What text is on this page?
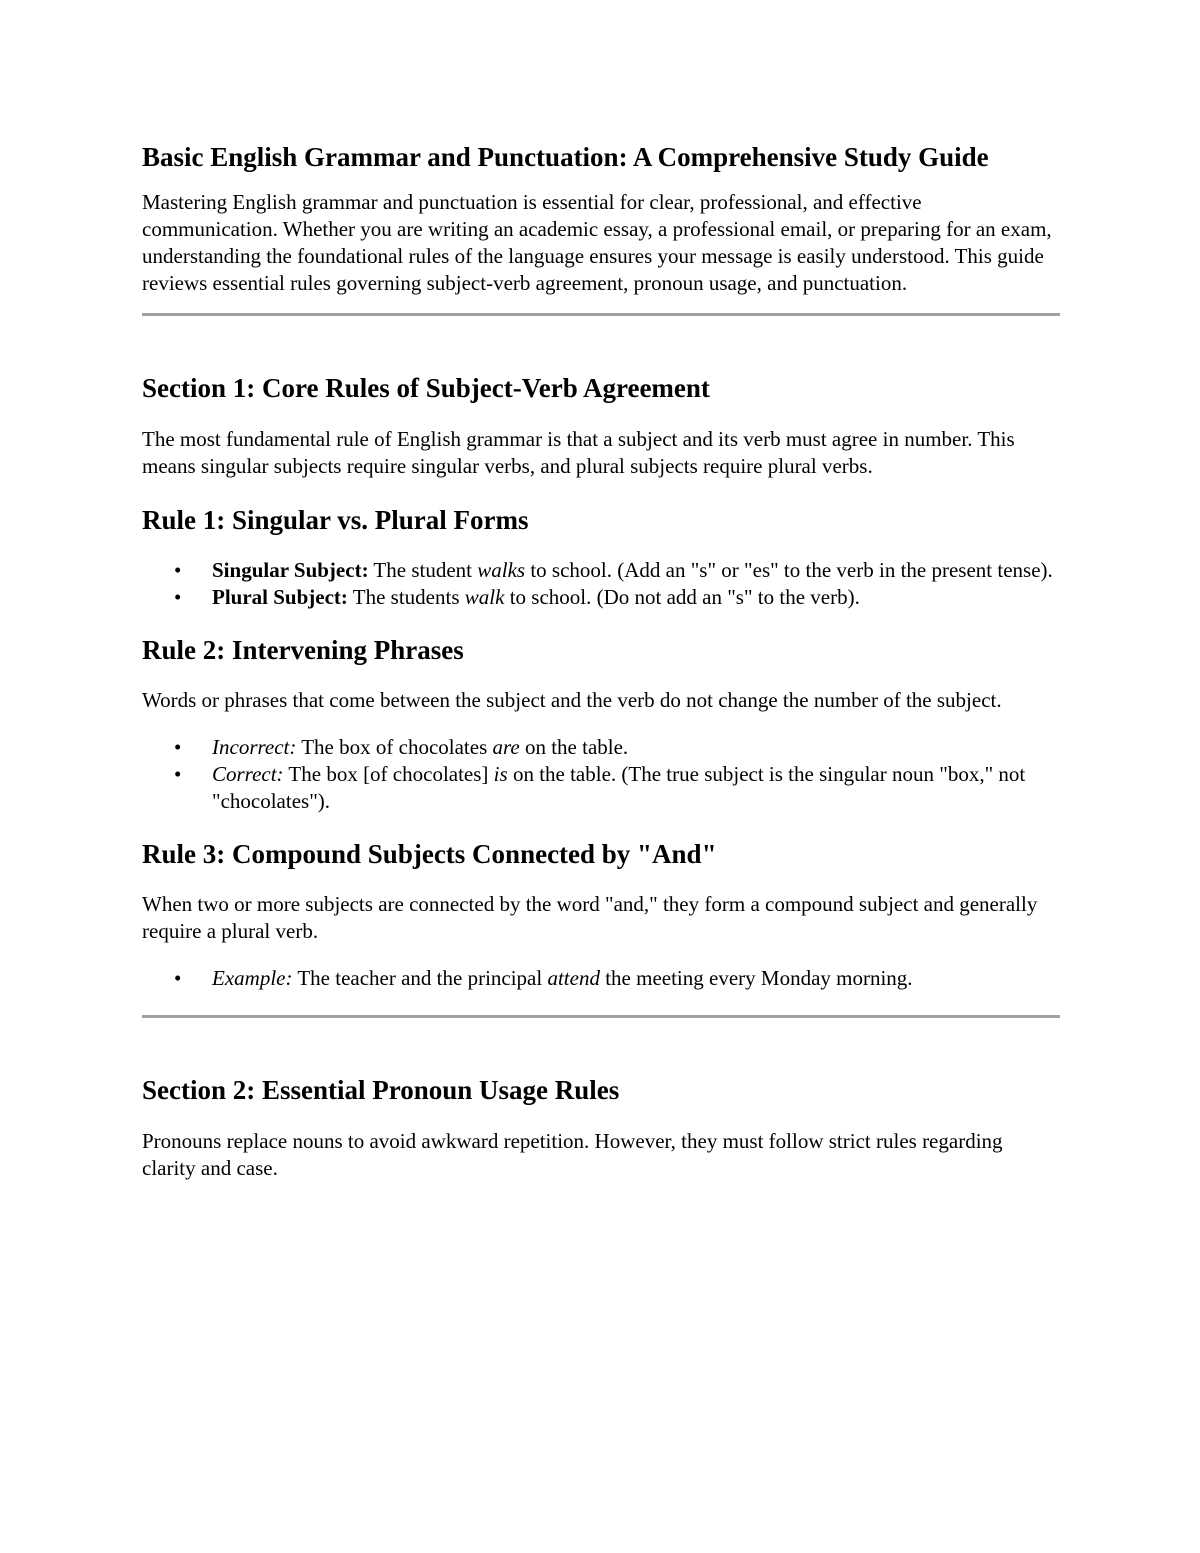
Basic English Grammar and Punctuation: A Comprehensive Study Guide

Mastering English grammar and punctuation is essential for clear, professional, and effective communication. Whether you are writing an academic essay, a professional email, or preparing for an exam, understanding the foundational rules of the language ensures your message is easily understood. This guide reviews essential rules governing subject-verb agreement, pronoun usage, and punctuation.

Section 1: Core Rules of Subject-Verb Agreement

The most fundamental rule of English grammar is that a subject and its verb must agree in number. This means singular subjects require singular verbs, and plural subjects require plural verbs.

Rule 1: Singular vs. Plural Forms
• Singular Subject: The student walks to school. (Add an "s" or "es" to the verb in the present tense).
• Plural Subject: The students walk to school. (Do not add an "s" to the verb).
Rule 2: Intervening Phrases

Words or phrases that come between the subject and the verb do not change the number of the subject.

• Incorrect: The box of chocolates are on the table.
• Correct: The box [of chocolates] is on the table. (The true subject is the singular noun "box," not "chocolates").
Rule 3: Compound Subjects Connected by "And"

When two or more subjects are connected by the word "and," they form a compound subject and generally require a plural verb.

• Example: The teacher and the principal attend the meeting every Monday morning.
Section 2: Essential Pronoun Usage Rules

Pronouns replace nouns to avoid awkward repetition. However, they must follow strict rules regarding clarity and case.
